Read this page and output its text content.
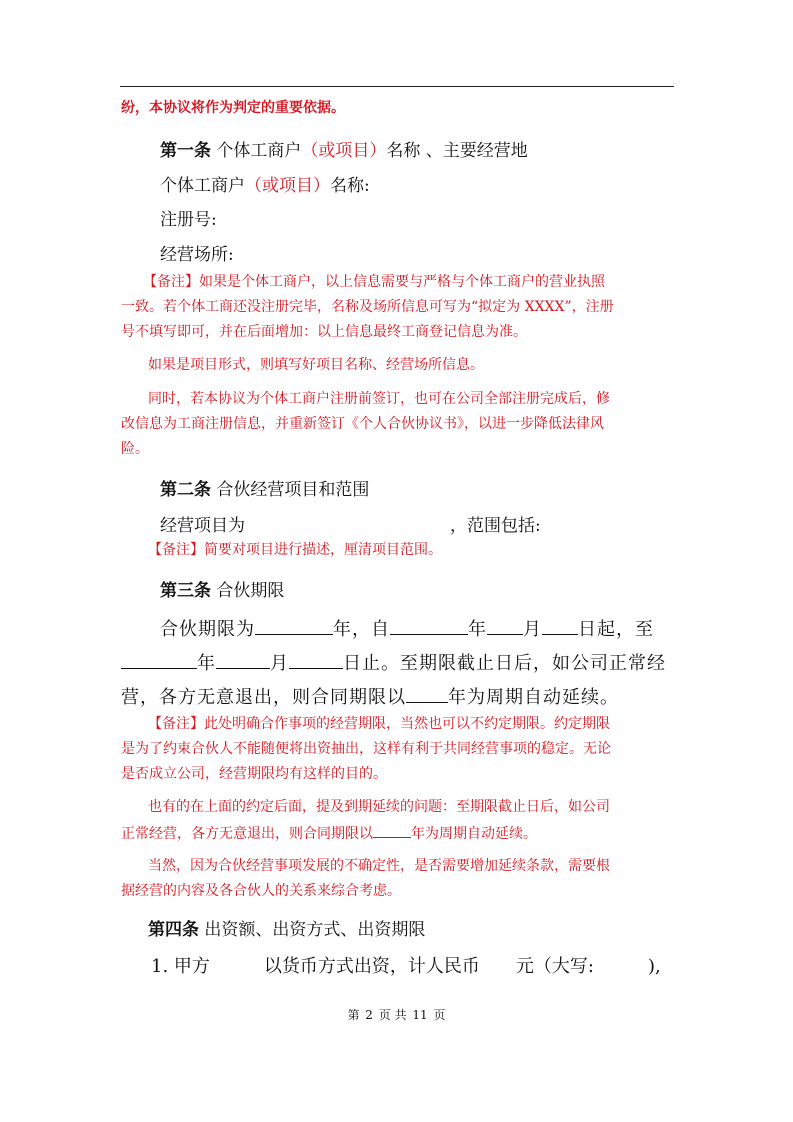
纷，本协议将作为判定的重要依据。
第一条 个体工商户（或项目）名称 、主要经营地
个体工商户（或项目）名称:
注册号:
经营场所:
【备注】如果是个体工商户，以上信息需要与严格与个体工商户的营业执照
一致。若个体工商还没注册完毕，名称及场所信息可写为“拟定为 XXXX”，注册
号不填写即可，并在后面增加：以上信息最终工商登记信息为准。
如果是项目形式，则填写好项目名称、经营场所信息。
同时，若本协议为个体工商户注册前签订，也可在公司全部注册完成后，修
改信息为工商注册信息，并重新签订《个人合伙协议书》，以进一步降低法律风
险。
第二条 合伙经营项目和范围
经营项目为	，范围包括:
【备注】简要对项目进行描述，厘清项目范围。
第三条 合伙期限
合伙期限为	年，自	年 月 日起，至
年	月	日止。至期限截止日后，如公司正常经
营，各方无意退出，则合同期限以 年为周期自动延续。
【备注】此处明确合作事项的经营期限，当然也可以不约定期限。约定期限
是为了约束合伙人不能随便将出资抽出，这样有利于共同经营事项的稳定。无论
是否成立公司，经营期限均有这样的目的。
也有的在上面的约定后面，提及到期延续的问题：至期限截止日后，如公司
正常经营，各方无意退出，则合同期限以	年为周期自动延续。
当然，因为合伙经营事项发展的不确定性，是否需要增加延续条款，需要根
据经营的内容及各合伙人的关系来综合考虑。
第四条 出资额、出资方式、出资期限
1. 甲方	以货币方式出资，计人民币 元（大写:	),
第 2 页 共 11 页
